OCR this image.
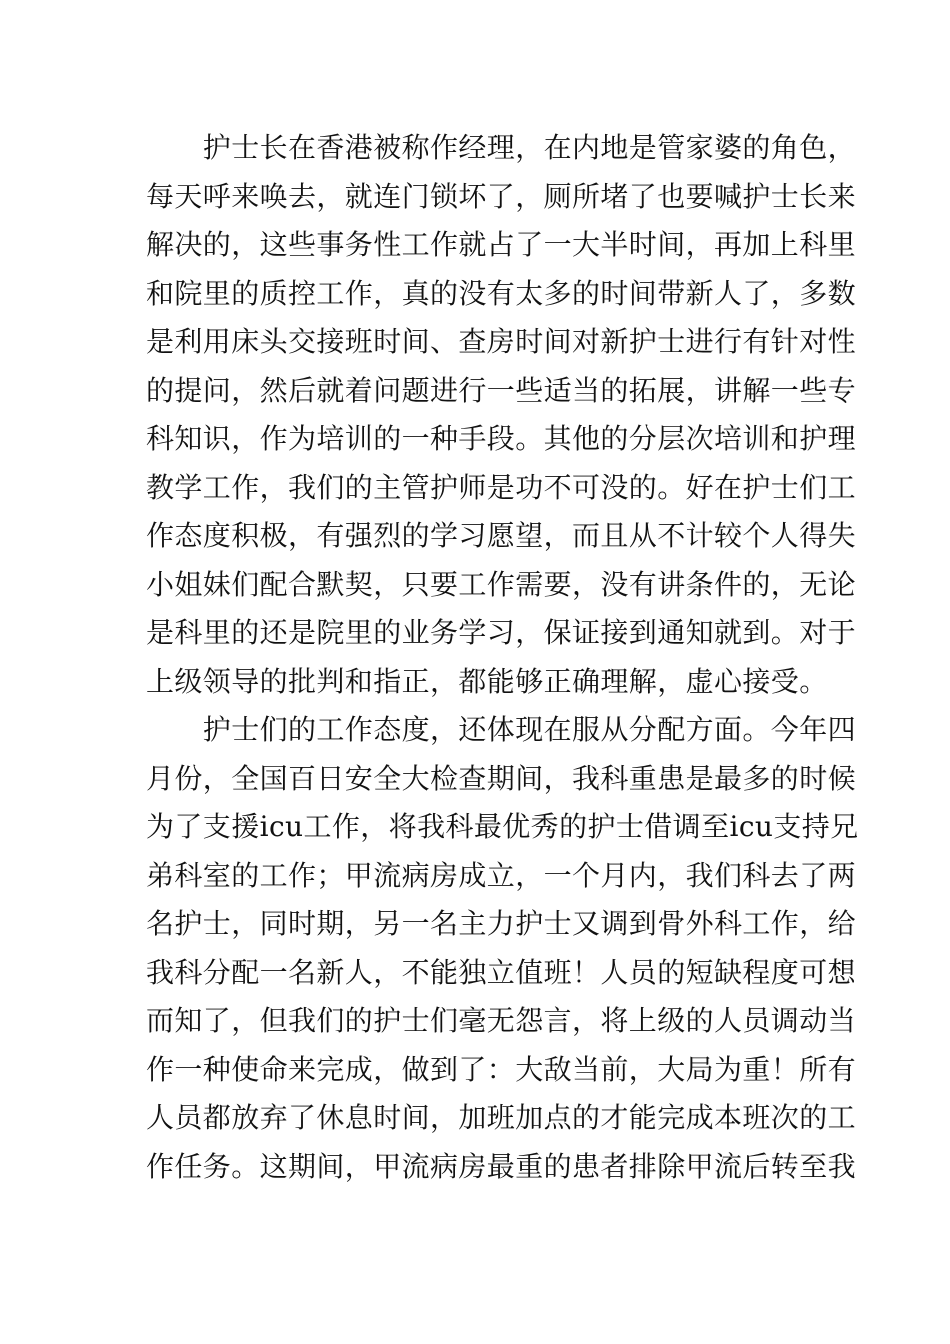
　　护士长在香港被称作经理，在内地是管家婆的角色，
每天呼来唤去，就连门锁坏了，厕所堵了也要喊护士长来
解决的，这些事务性工作就占了一大半时间，再加上科里
和院里的质控工作，真的没有太多的时间带新人了，多数
是利用床头交接班时间、查房时间对新护士进行有针对性
的提问，然后就着问题进行一些适当的拓展，讲解一些专
科知识，作为培训的一种手段。其他的分层次培训和护理
教学工作，我们的主管护师是功不可没的。好在护士们工
作态度积极，有强烈的学习愿望，而且从不计较个人得失
小姐妹们配合默契，只要工作需要，没有讲条件的，无论
是科里的还是院里的业务学习，保证接到通知就到。对于
上级领导的批判和指正，都能够正确理解，虚心接受。
　　护士们的工作态度，还体现在服从分配方面。今年四
月份，全国百日安全大检查期间，我科重患是最多的时候
为了支援icu工作，将我科最优秀的护士借调至icu支持兄
弟科室的工作；甲流病房成立，一个月内，我们科去了两
名护士，同时期，另一名主力护士又调到骨外科工作，给
我科分配一名新人，不能独立值班！人员的短缺程度可想
而知了，但我们的护士们毫无怨言，将上级的人员调动当
作一种使命来完成，做到了：大敌当前，大局为重！所有
人员都放弃了休息时间，加班加点的才能完成本班次的工
作任务。这期间，甲流病房最重的患者排除甲流后转至我
